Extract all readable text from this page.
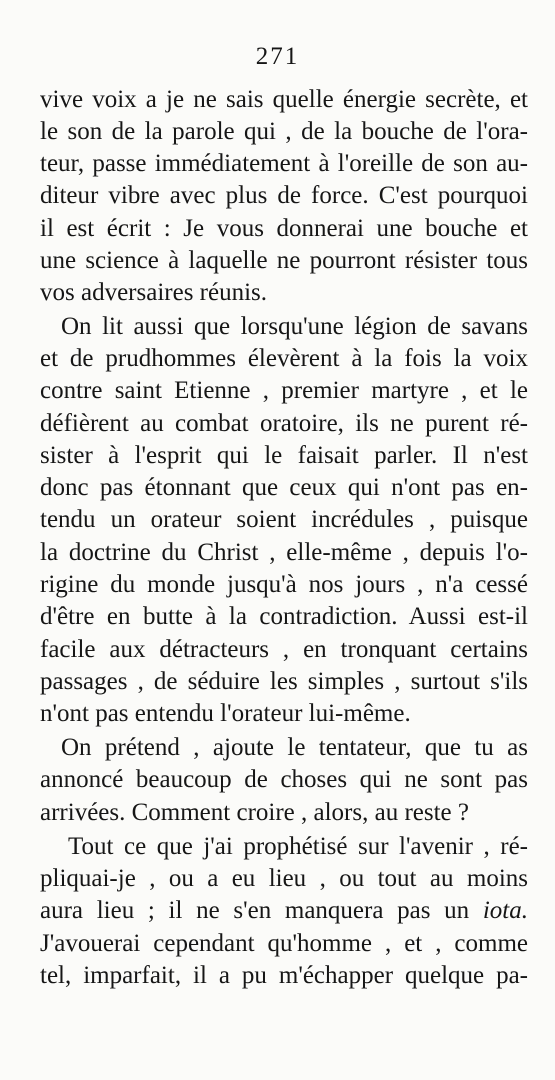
271
vive voix a je ne sais quelle énergie secrète, et
le son de la parole qui , de la bouche de l'ora-
teur, passe immédiatement à l'oreille de son au-
diteur vibre avec plus de force. C'est pourquoi
il est écrit : Je vous donnerai une bouche et
une science à laquelle ne pourront résister tous
vos adversaires réunis.
On lit aussi que lorsqu'une légion de savans
et de prudhommes élevèrent à la fois la voix
contre saint Etienne , premier martyre , et le
défièrent au combat oratoire, ils ne purent ré-
sister à l'esprit qui le faisait parler. Il n'est
donc pas étonnant que ceux qui n'ont pas en-
tendu un orateur soient incrédules , puisque
la doctrine du Christ , elle-même , depuis l'o-
rigine du monde jusqu'à nos jours , n'a cessé
d'être en butte à la contradiction. Aussi est-il
facile aux détracteurs , en tronquant certains
passages , de séduire les simples , surtout s'ils
n'ont pas entendu l'orateur lui-même.
On prétend , ajoute le tentateur, que tu as
annoncé beaucoup de choses qui ne sont pas
arrivées. Comment croire , alors, au reste ?
Tout ce que j'ai prophétisé sur l'avenir , ré-
pliquai-je , ou a eu lieu , ou tout au moins
aura lieu ; il ne s'en manquera pas un iota.
J'avouerai cependant qu'homme , et , comme
tel, imparfait, il a pu m'échapper quelque pa-
